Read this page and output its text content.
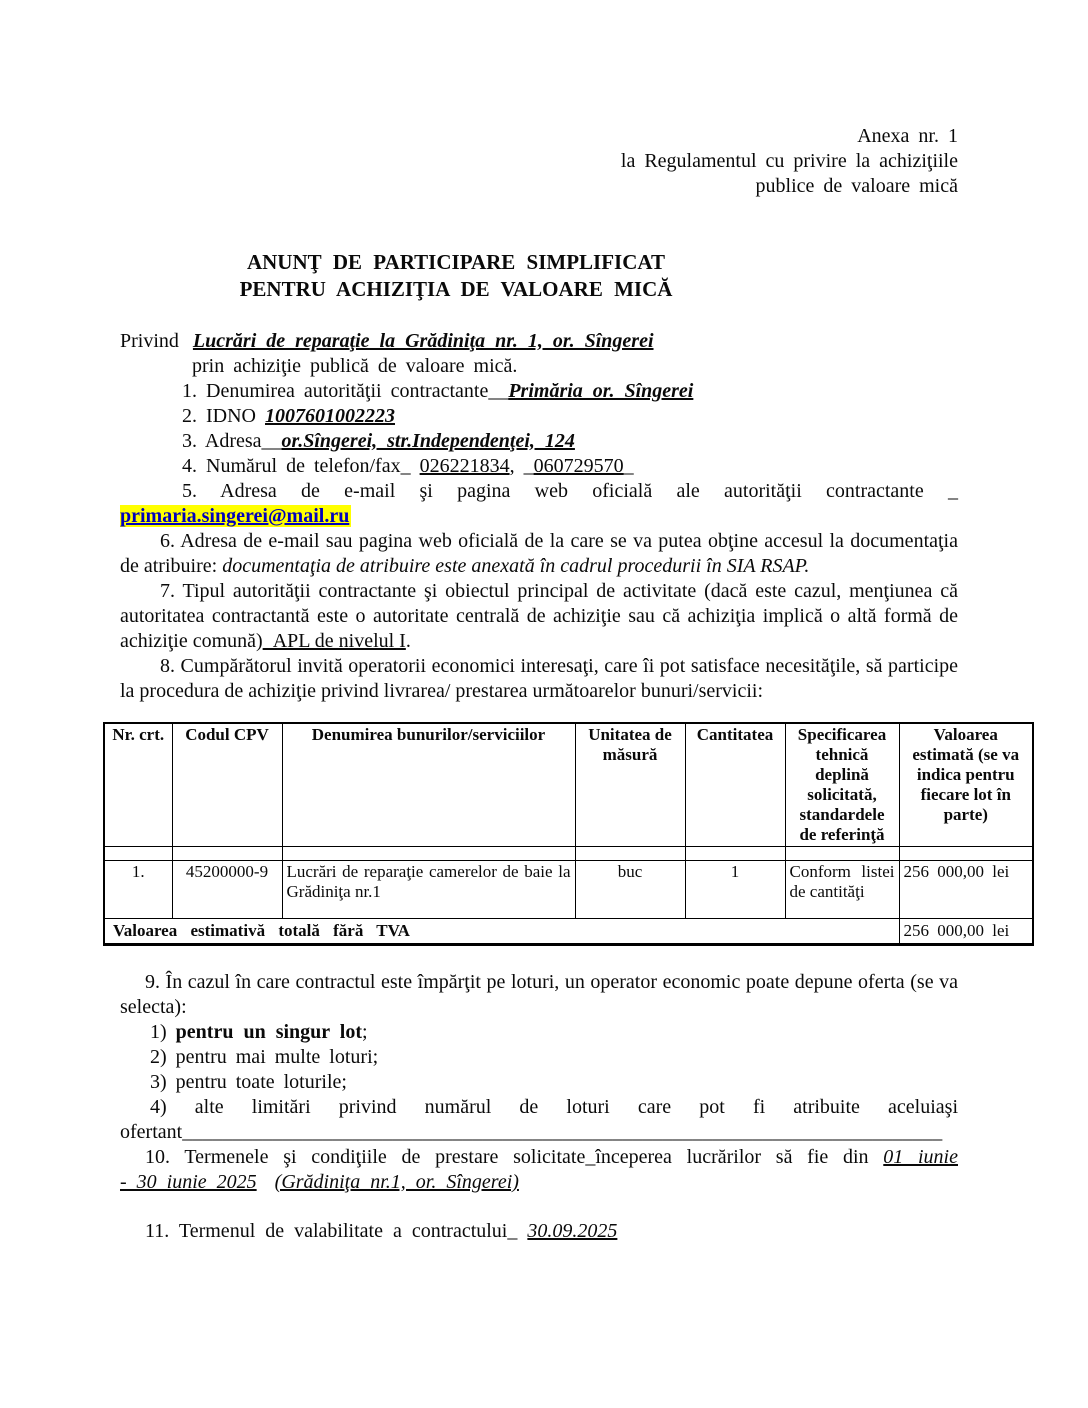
Anexa nr. 1
la Regulamentul cu privire la achiziţiile
publice de valoare mică
ANUNŢ DE PARTICIPARE SIMPLIFICAT
PENTRU ACHIZIŢIA DE VALOARE MICĂ
Privind Lucrări de reparaţie la Grădiniţa nr. 1, or. Sîngerei
prin achiziţie publică de valoare mică.
1. Denumirea autorităţii contractante__Primăria or. Sîngerei
2. IDNO 1007601002223
3. Adresa__or.Sîngerei, str.Independenţei, 124
4. Numărul de telefon/fax_ 026221834, _060729570_
5. Adresa de e-mail şi pagina web oficială ale autorităţii contractante _
primaria.singerei@mail.ru
6. Adresa de e-mail sau pagina web oficială de la care se va putea obţine accesul la documentaţia de atribuire: documentaţia de atribuire este anexată în cadrul procedurii în SIA RSAP.
7. Tipul autorităţii contractante şi obiectul principal de activitate (dacă este cazul, menţiunea că autoritatea contractantă este o autoritate centrală de achiziţie sau că achiziţia implică o altă formă de achiziţie comună)_APL de nivelul I.
8. Cumpărătorul invită operatorii economici interesaţi, care îi pot satisface necesităţile, să participe la procedura de achiziţie privind livrarea/ prestarea următoarelor bunuri/servicii:
Nr. crt.	Codul CPV	Denumirea bunurilor/serviciilor	Unitatea de măsură	Cantitatea	Specificarea tehnică deplină solicitată, standardele de referinţă	Valoarea estimată (se va indica pentru fiecare lot în parte)

1.	45200000-9	Lucrări de reparaţie camerelor de baie la Grădiniţa nr.1	buc	1	Conform listei de cantităţi	256 000,00 lei
Valoarea estimativă totală fără TVA						256 000,00 lei
9. În cazul în care contractul este împărţit pe loturi, un operator economic poate depune oferta (se va selecta):
1) pentru un singur lot;
2) pentru mai multe loturi;
3) pentru toate loturile;
4) alte limitări privind numărul de loturi care pot fi atribuite aceluiaşi
ofertant____________________________________________________________________________
10. Termenele şi condiţiile de prestare solicitate_începerea lucrărilor să fie din 01 iunie
- 30 iunie 2025 (Grădiniţa nr.1, or. Sîngerei)
11. Termenul de valabilitate a contractului_ 30.09.2025
